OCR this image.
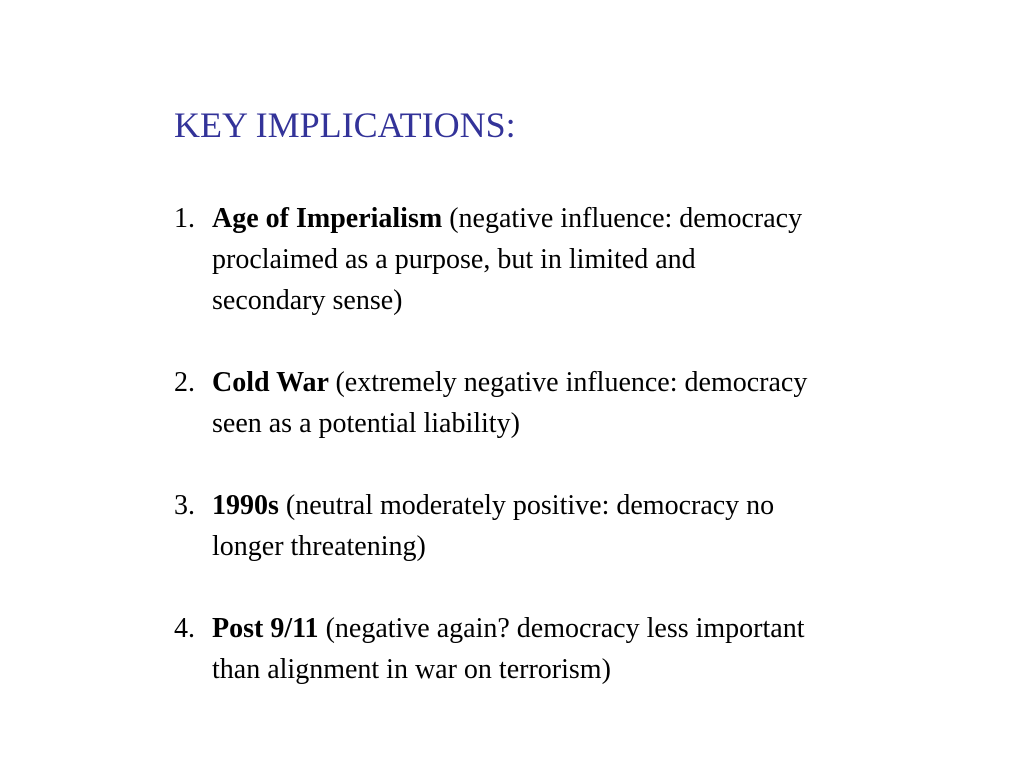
KEY IMPLICATIONS:
1. Age of Imperialism (negative influence: democracy proclaimed as a purpose, but in limited and secondary sense)
2. Cold War (extremely negative influence: democracy seen as a potential liability)
3. 1990s (neutral moderately positive: democracy no longer threatening)
4. Post 9/11 (negative again? democracy less important than alignment in war on terrorism)
